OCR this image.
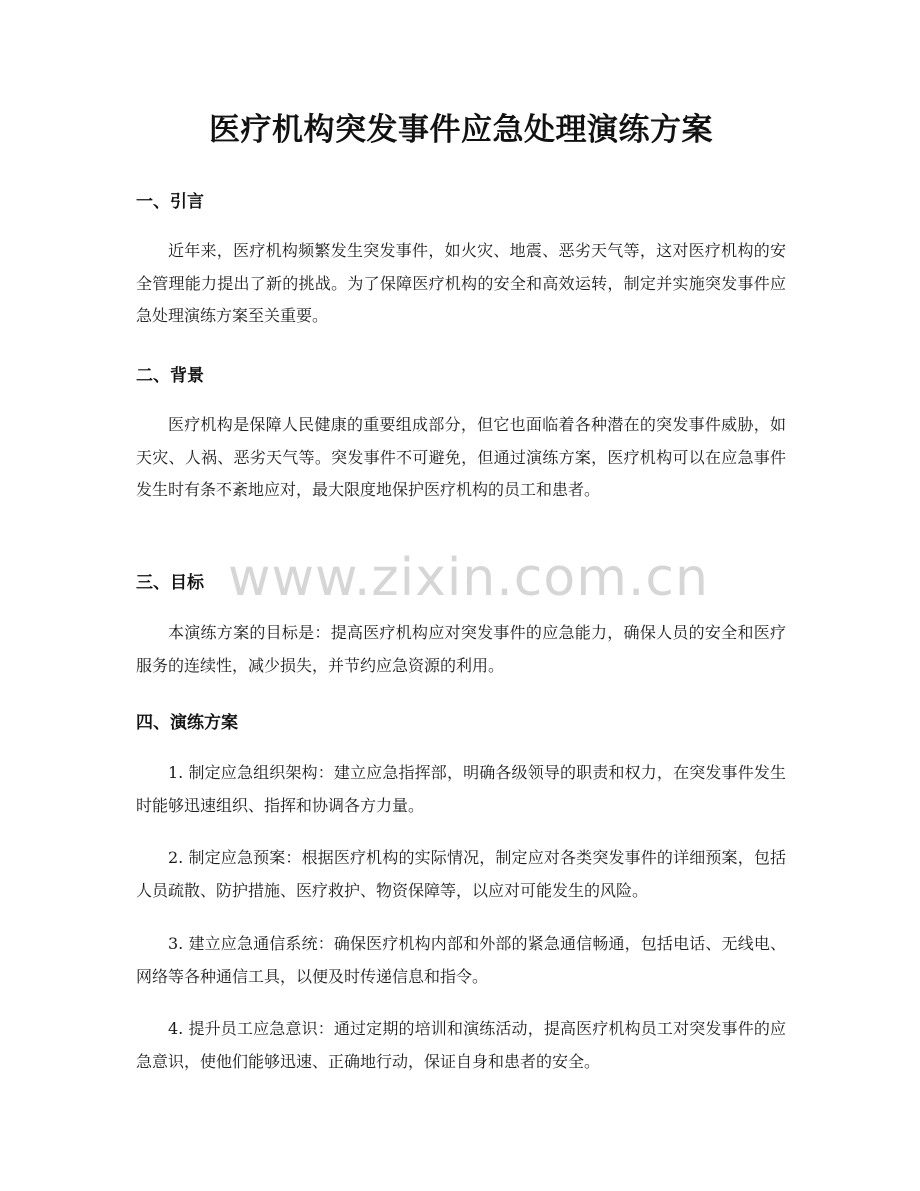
www.zixin.com.cn
医疗机构突发事件应急处理演练方案
一、引言

近年来，医疗机构频繁发生突发事件，如火灾、地震、恶劣天气等，这对医疗机构的安全管理能力提出了新的挑战。为了保障医疗机构的安全和高效运转，制定并实施突发事件应急处理演练方案至关重要。

二、背景

医疗机构是保障人民健康的重要组成部分，但它也面临着各种潜在的突发事件威胁，如天灾、人祸、恶劣天气等。突发事件不可避免，但通过演练方案，医疗机构可以在应急事件发生时有条不紊地应对，最大限度地保护医疗机构的员工和患者。

三、目标

本演练方案的目标是：提高医疗机构应对突发事件的应急能力，确保人员的安全和医疗服务的连续性，减少损失，并节约应急资源的利用。

四、演练方案

1. 制定应急组织架构：建立应急指挥部，明确各级领导的职责和权力，在突发事件发生时能够迅速组织、指挥和协调各方力量。

2. 制定应急预案：根据医疗机构的实际情况，制定应对各类突发事件的详细预案，包括人员疏散、防护措施、医疗救护、物资保障等，以应对可能发生的风险。

3. 建立应急通信系统：确保医疗机构内部和外部的紧急通信畅通，包括电话、无线电、网络等各种通信工具，以便及时传递信息和指令。

4. 提升员工应急意识：通过定期的培训和演练活动，提高医疗机构员工对突发事件的应急意识，使他们能够迅速、正确地行动，保证自身和患者的安全。
